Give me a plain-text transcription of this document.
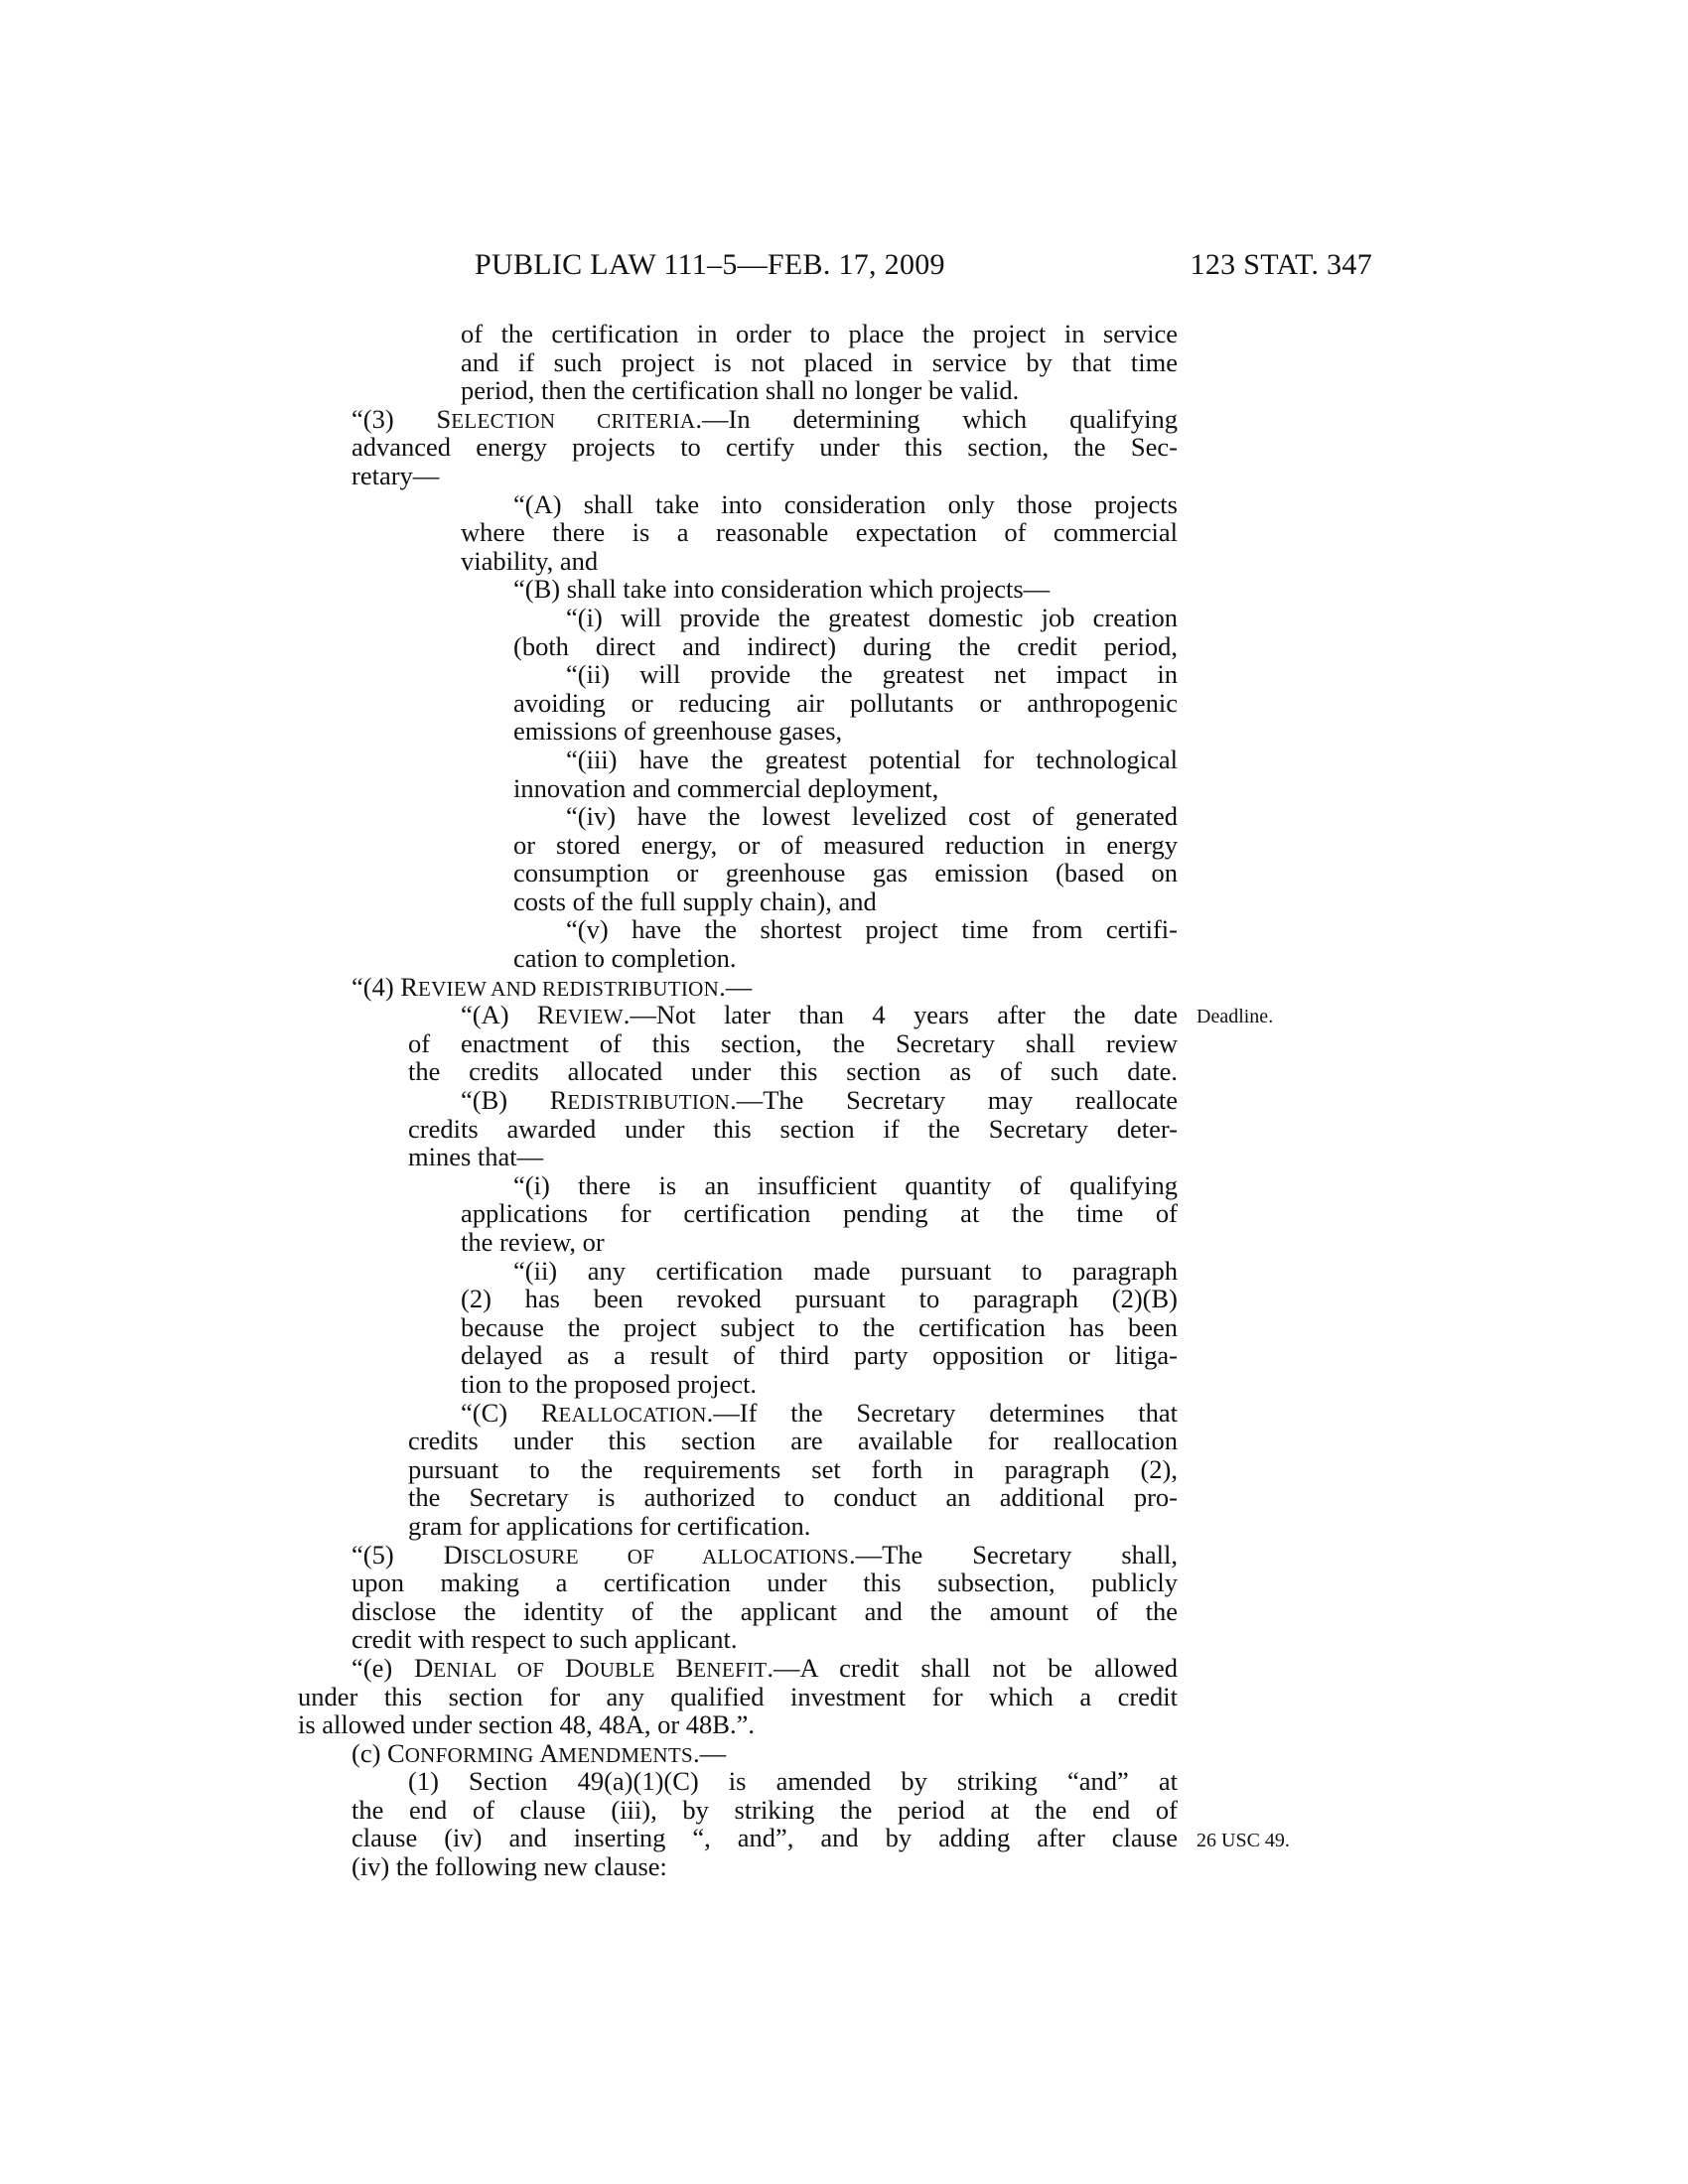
PUBLIC LAW 111–5—FEB. 17, 2009	123 STAT. 347
Deadline.
26 USC 49.
of the certification in order to place the project in service
and if such project is not placed in service by that time
period, then the certification shall no longer be valid.
“(3) SELECTION CRITERIA.—In determining which qualifying
advanced energy projects to certify under this section, the Sec-
retary—
“(A) shall take into consideration only those projects
where there is a reasonable expectation of commercial
viability, and
“(B) shall take into consideration which projects—
“(i) will provide the greatest domestic job creation
(both direct and indirect) during the credit period,
“(ii) will provide the greatest net impact in
avoiding or reducing air pollutants or anthropogenic
emissions of greenhouse gases,
“(iii) have the greatest potential for technological
innovation and commercial deployment,
“(iv) have the lowest levelized cost of generated
or stored energy, or of measured reduction in energy
consumption or greenhouse gas emission (based on
costs of the full supply chain), and
“(v) have the shortest project time from certifi-
cation to completion.
“(4) REVIEW AND REDISTRIBUTION.—
“(A) REVIEW.—Not later than 4 years after the date
of enactment of this section, the Secretary shall review
the credits allocated under this section as of such date.
“(B) REDISTRIBUTION.—The Secretary may reallocate
credits awarded under this section if the Secretary deter-
mines that—
“(i) there is an insufficient quantity of qualifying
applications for certification pending at the time of
the review, or
“(ii) any certification made pursuant to paragraph
(2) has been revoked pursuant to paragraph (2)(B)
because the project subject to the certification has been
delayed as a result of third party opposition or litiga-
tion to the proposed project.
“(C) REALLOCATION.—If the Secretary determines that
credits under this section are available for reallocation
pursuant to the requirements set forth in paragraph (2),
the Secretary is authorized to conduct an additional pro-
gram for applications for certification.
“(5) DISCLOSURE OF ALLOCATIONS.—The Secretary shall,
upon making a certification under this subsection, publicly
disclose the identity of the applicant and the amount of the
credit with respect to such applicant.
“(e) DENIAL OF DOUBLE BENEFIT.—A credit shall not be allowed
under this section for any qualified investment for which a credit
is allowed under section 48, 48A, or 48B.”.
(c) CONFORMING AMENDMENTS.—
(1) Section 49(a)(1)(C) is amended by striking “and” at
the end of clause (iii), by striking the period at the end of
clause (iv) and inserting “, and”, and by adding after clause
(iv) the following new clause:
